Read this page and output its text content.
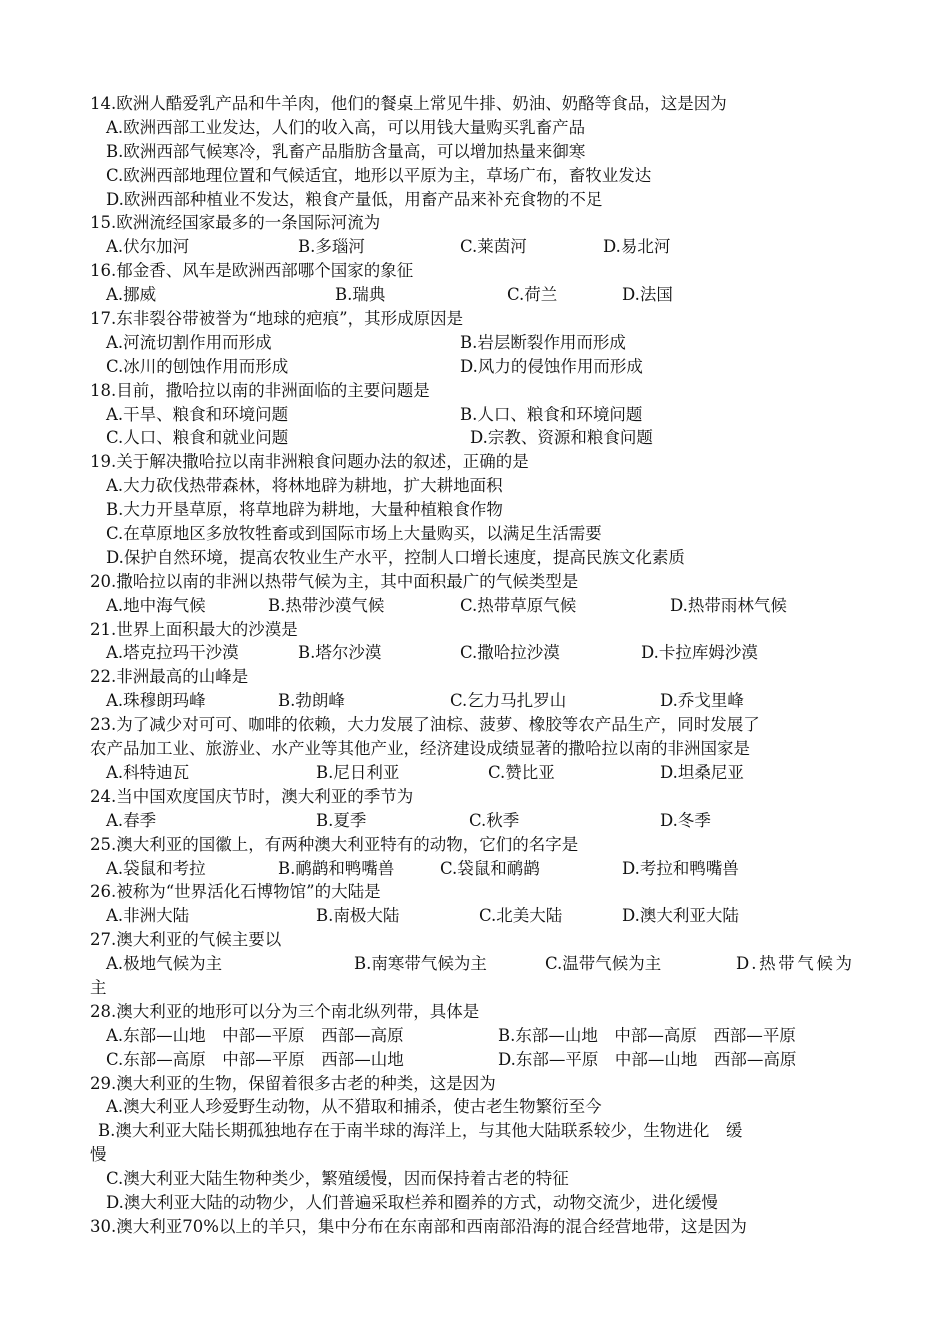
14.欧洲人酷爱乳产品和牛羊肉，他们的餐桌上常见牛排、奶油、奶酪等食品，这是因为
A.欧洲西部工业发达，人们的收入高，可以用钱大量购买乳畜产品
B.欧洲西部气候寒冷，乳畜产品脂肪含量高，可以增加热量来御寒
C.欧洲西部地理位置和气候适宜，地形以平原为主，草场广布，畜牧业发达
D.欧洲西部种植业不发达，粮食产量低，用畜产品来补充食物的不足
15.欧洲流经国家最多的一条国际河流为
A.伏尔加河	B.多瑙河	C.莱茵河	D.易北河
16.郁金香、风车是欧洲西部哪个国家的象征
A.挪威	B.瑞典	C.荷兰	D.法国
17.东非裂谷带被誉为“地球的疤痕”，其形成原因是
A.河流切割作用而形成	B.岩层断裂作用而形成
C.冰川的刨蚀作用而形成	D.风力的侵蚀作用而形成
18.目前，撒哈拉以南的非洲面临的主要问题是
A.干旱、粮食和环境问题	B.人口、粮食和环境问题
C.人口、粮食和就业问题	D.宗教、资源和粮食问题
19.关于解决撒哈拉以南非洲粮食问题办法的叙述，正确的是
A.大力砍伐热带森林，将林地辟为耕地，扩大耕地面积
B.大力开垦草原，将草地辟为耕地，大量种植粮食作物
C.在草原地区多放牧牲畜或到国际市场上大量购买，以满足生活需要
D.保护自然环境，提高农牧业生产水平，控制人口增长速度，提高民族文化素质
20.撒哈拉以南的非洲以热带气候为主，其中面积最广的气候类型是
A.地中海气候	B.热带沙漠气候	C.热带草原气候	D.热带雨林气候
21.世界上面积最大的沙漠是
A.塔克拉玛干沙漠	B.塔尔沙漠	C.撒哈拉沙漠	D.卡拉库姆沙漠
22.非洲最高的山峰是
A.珠穆朗玛峰	B.勃朗峰	C.乞力马扎罗山	D.乔戈里峰
23.为了减少对可可、咖啡的依赖，大力发展了油棕、菠萝、橡胶等农产品生产，同时发展了
农产品加工业、旅游业、水产业等其他产业，经济建设成绩显著的撒哈拉以南的非洲国家是
A.科特迪瓦	B.尼日利亚	C.赞比亚	D.坦桑尼亚
24.当中国欢度国庆节时，澳大利亚的季节为
A.春季	B.夏季	C.秋季	D.冬季
25.澳大利亚的国徽上，有两种澳大利亚特有的动物，它们的名字是
A.袋鼠和考拉	B.鸸鹋和鸭嘴兽	C.袋鼠和鸸鹋	D.考拉和鸭嘴兽
26.被称为“世界活化石博物馆”的大陆是
A.非洲大陆	B.南极大陆	C.北美大陆	D.澳大利亚大陆
27.澳大利亚的气候主要以
A.极地气候为主	B.南寒带气候为主	C.温带气候为主	D.热带气候为
主
28.澳大利亚的地形可以分为三个南北纵列带，具体是
A.东部—山地　中部—平原　西部—高原	B.东部—山地　中部—高原　西部—平原
C.东部—高原　中部—平原　西部—山地	D.东部—平原　中部—山地　西部—高原
29.澳大利亚的生物，保留着很多古老的种类，这是因为
A.澳大利亚人珍爱野生动物，从不猎取和捕杀，使古老生物繁衍至今
B.澳大利亚大陆长期孤独地存在于南半球的海洋上，与其他大陆联系较少，生物进化　缓
慢
C.澳大利亚大陆生物种类少，繁殖缓慢，因而保持着古老的特征
D.澳大利亚大陆的动物少，人们普遍采取栏养和圈养的方式，动物交流少，进化缓慢
30.澳大利亚70%以上的羊只，集中分布在东南部和西南部沿海的混合经营地带，这是因为
